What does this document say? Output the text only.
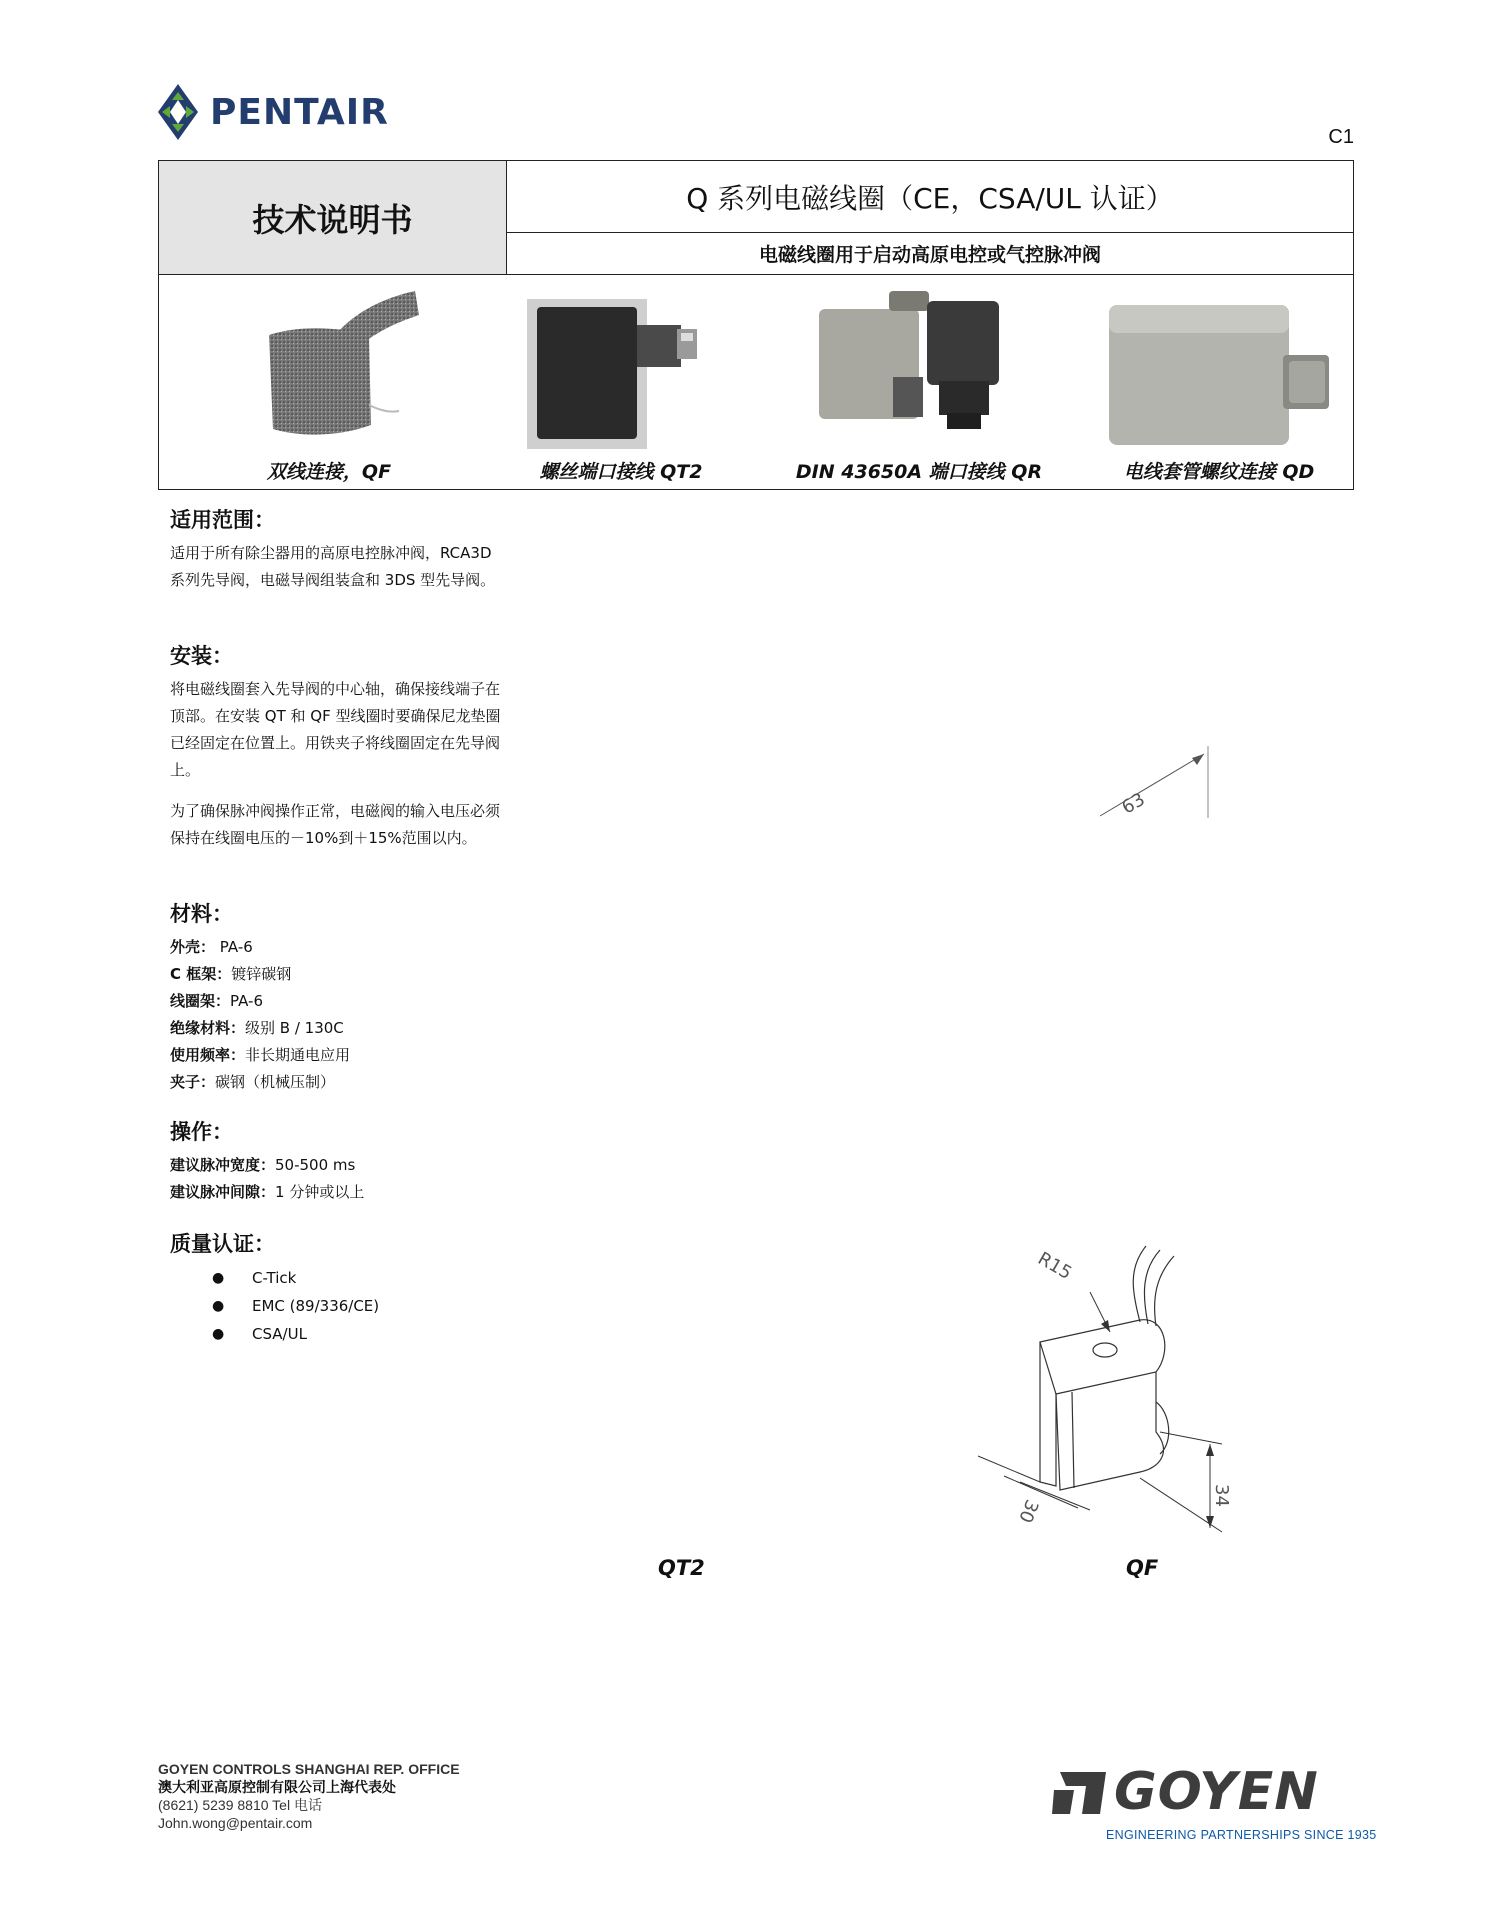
PENTAIR
C1
技术说明书
Q 系列电磁线圈（CE，CSA/UL 认证）
电磁线圈用于启动高原电控或气控脉冲阀
双线连接，QF	螺丝端口接线 QT2	DIN 43650A 端口接线 QR	电线套管螺纹连接 QD
适用范围：

适用于所有除尘器用的高原电控脉冲阀，RCA3D 系列先导阀，电磁导阀组装盒和 3DS 型先导阀。

安装：

将电磁线圈套入先导阀的中心轴，确保接线端子在顶部。在安装 QT 和 QF 型线圈时要确保尼龙垫圈已经固定在位置上。用铁夹子将线圈固定在先导阀上。

为了确保脉冲阀操作正常，电磁阀的输入电压必须保持在线圈电压的－10%到＋15%范围以内。

材料：
外壳： PA-6
C 框架：镀锌碳钢
线圈架：PA-6
绝缘材料：级别 B / 130C
使用频率：非长期通电应用
夹子：碳钢（机械压制）
操作：
建议脉冲宽度：50-500 ms
建议脉冲间隙：1 分钟或以上
质量认证：
● C-Tick
● EMC (89/336/CE)
● CSA/UL
63
R15
30
34
QT2	QF
GOYEN CONTROLS SHANGHAI REP. OFFICE
澳大利亚高原控制有限公司上海代表处
(8621) 5239 8810 Tel 电话
John.wong@pentair.com
GOYEN
ENGINEERING PARTNERSHIPS SINCE 1935
